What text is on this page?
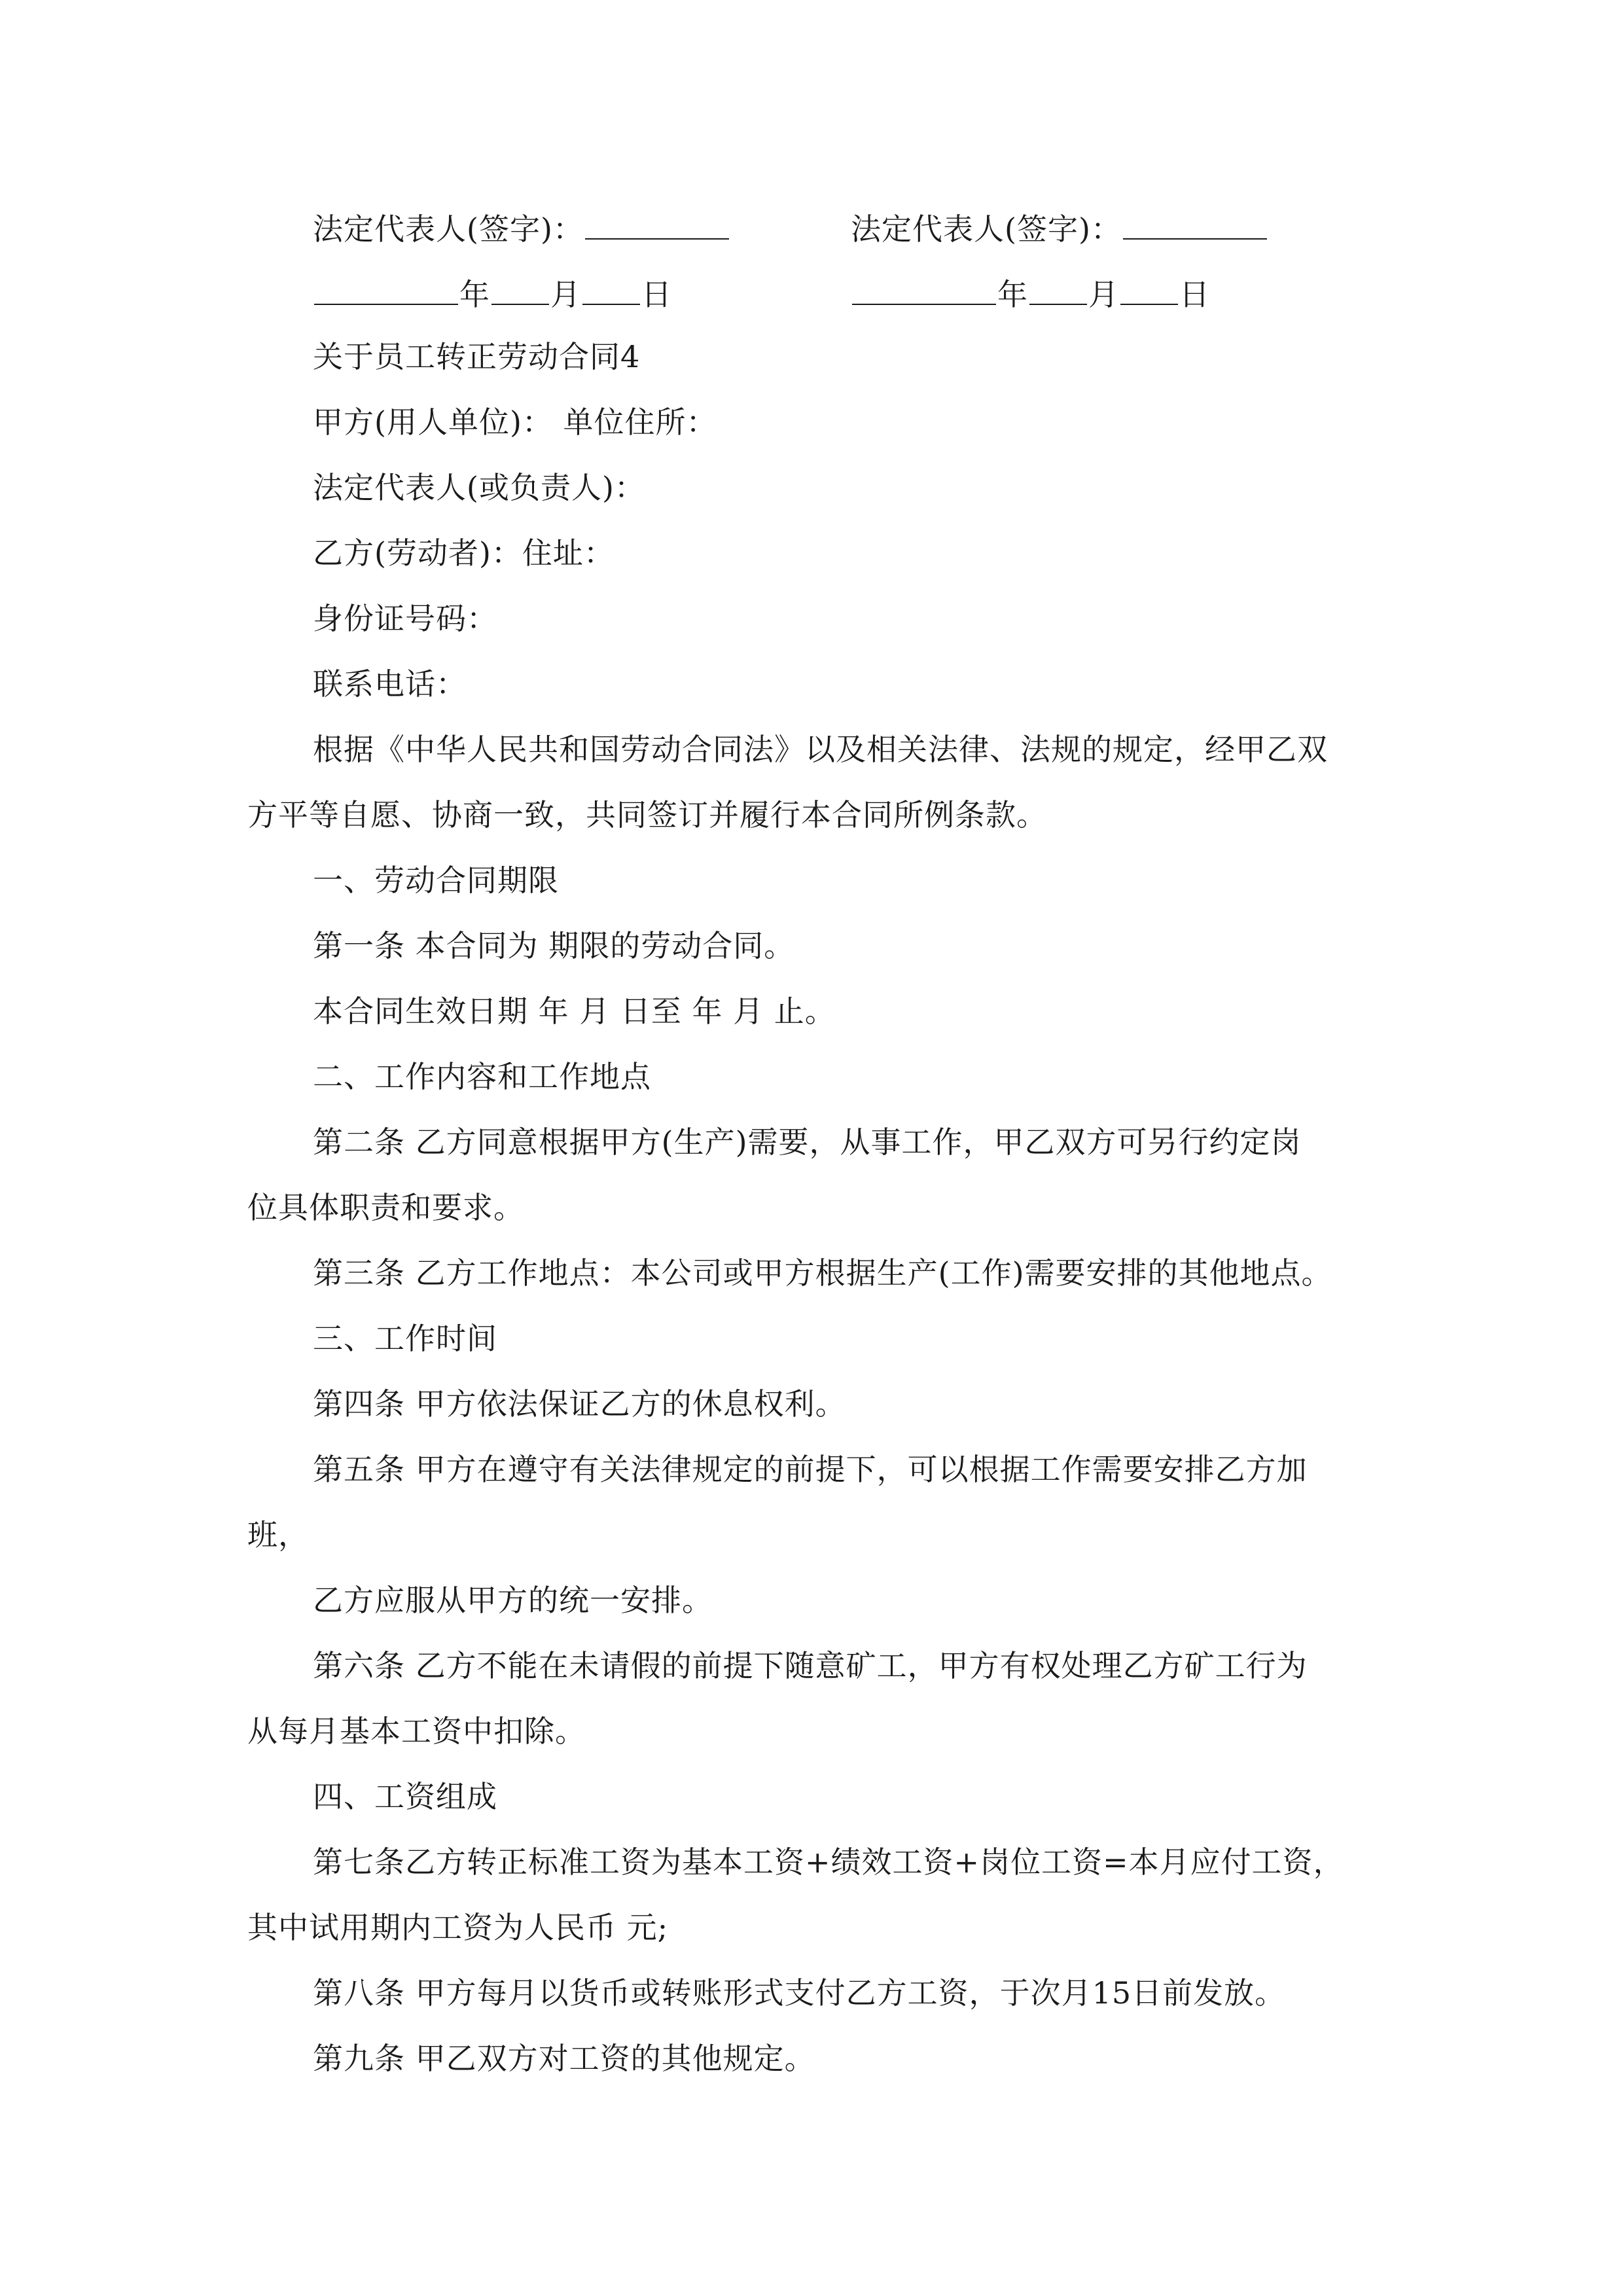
法定代表人(签字)：	法定代表人(签字)：
年 月 日	年 月 日
关于员工转正劳动合同4
甲方(用人单位)： 单位住所：
法定代表人(或负责人)：
乙方(劳动者)：住址：
身份证号码：
联系电话：
根据《中华人民共和国劳动合同法》以及相关法律、法规的规定，经甲乙双
方平等自愿、协商一致，共同签订并履行本合同所例条款。
一、劳动合同期限
第一条 本合同为 期限的劳动合同。
本合同生效日期 年 月 日至 年 月 止。
二、工作内容和工作地点
第二条 乙方同意根据甲方(生产)需要，从事工作，甲乙双方可另行约定岗
位具体职责和要求。
第三条 乙方工作地点：本公司或甲方根据生产(工作)需要安排的其他地点。
三、工作时间
第四条 甲方依法保证乙方的休息权利。
第五条 甲方在遵守有关法律规定的前提下，可以根据工作需要安排乙方加
班，
乙方应服从甲方的统一安排。
第六条 乙方不能在未请假的前提下随意矿工，甲方有权处理乙方矿工行为
从每月基本工资中扣除。
四、工资组成
第七条乙方转正标准工资为基本工资+绩效工资+岗位工资=本月应付工资，
其中试用期内工资为人民币 元;
第八条 甲方每月以货币或转账形式支付乙方工资，于次月15日前发放。
第九条 甲乙双方对工资的其他规定。
